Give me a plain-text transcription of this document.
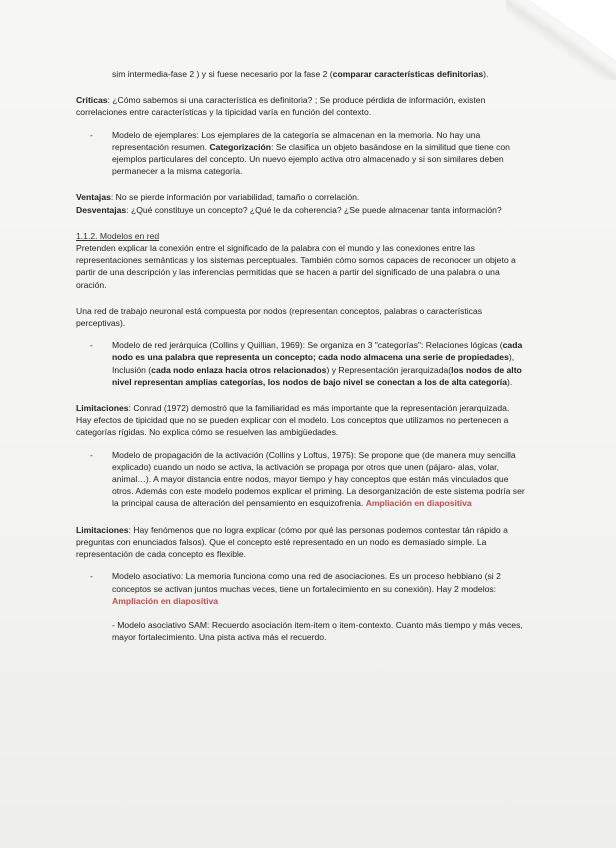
sim intermedia-fase 2 ) y si fuese necesario por la fase 2 (comparar características definitorias).

Críticas: ¿Cómo sabemos si una característica es definitoria? ; Se produce pérdida de información, existen correlaciones entre características y la tipicidad varía en función del contexto.

- Modelo de ejemplares: Los ejemplares de la categoría se almacenan en la memoria. No hay una representación resumen. Categorización: Se clasifica un objeto basándose en la similitud que tiene con ejemplos particulares del concepto. Un nuevo ejemplo activa otro almacenado y si son similares deben permanecer a la misma categoría.

Ventajas: No se pierde información por variabilidad, tamaño o correlación.

Desventajas: ¿Qué constituye un concepto? ¿Qué le da coherencia? ¿Se puede almacenar tanta información?

1.1.2. Modelos en red

Pretenden explicar la conexión entre el significado de la palabra con el mundo y las conexiones entre las representaciones semánticas y los sistemas perceptuales. También cómo somos capaces de reconocer un objeto a partir de una descripción y las inferencias permitidas que se hacen a partir del significado de una palabra o una oración.

Una red de trabajo neuronal está compuesta por nodos (representan conceptos, palabras o características perceptivas).

- Modelo de red jerárquica (Collins y Quillian, 1969): Se organiza en 3 "categorías": Relaciones lógicas (cada nodo es una palabra que representa un concepto; cada nodo almacena una serie de propiedades), Inclusión (cada nodo enlaza hacia otros relacionados) y Representación jerarquizada(los nodos de alto nivel representan amplias categorías, los nodos de bajo nivel se conectan a los de alta categoría).

Limitaciones: Conrad (1972) demostró que la familiaridad es más importante que la representación jerarquizada. Hay efectos de tipicidad que no se pueden explicar con el modelo. Los conceptos que utilizamos no pertenecen a categorías rígidas. No explica cómo se resuelven las ambigüedades.

- Modelo de propagación de la activación (Collins y Loftus, 1975): Se propone que (de manera muy sencilla explicado) cuando un nodo se activa, la activación se propaga por otros que unen (pájaro- alas, volar, animal…). A mayor distancia entre nodos, mayor tiempo y hay conceptos que están más vinculados que otros. Además con este modelo podemos explicar el priming. La desorganización de este sistema podría ser la principal causa de alteración del pensamiento en esquizofrenia. Ampliación en diapositiva

Limitaciones: Hay fenómenos que no logra explicar (cómo por qué las personas podemos contestar tán rápido a preguntas con enunciados falsos). Que el concepto esté representado en un nodo es demasiado simple. La representación de cada concepto es flexible.

- Modelo asociativo: La memoria funciona como una red de asociaciones. Es un proceso hebbiano (si 2 conceptos se activan juntos muchas veces, tiene un fortalecimiento en su conexión). Hay 2 modelos: Ampliación en diapositiva

- Modelo asociativo SAM: Recuerdo asociación item-item o item-contexto. Cuanto más tiempo y más veces, mayor fortalecimiento. Una pista activa más el recuerdo.
